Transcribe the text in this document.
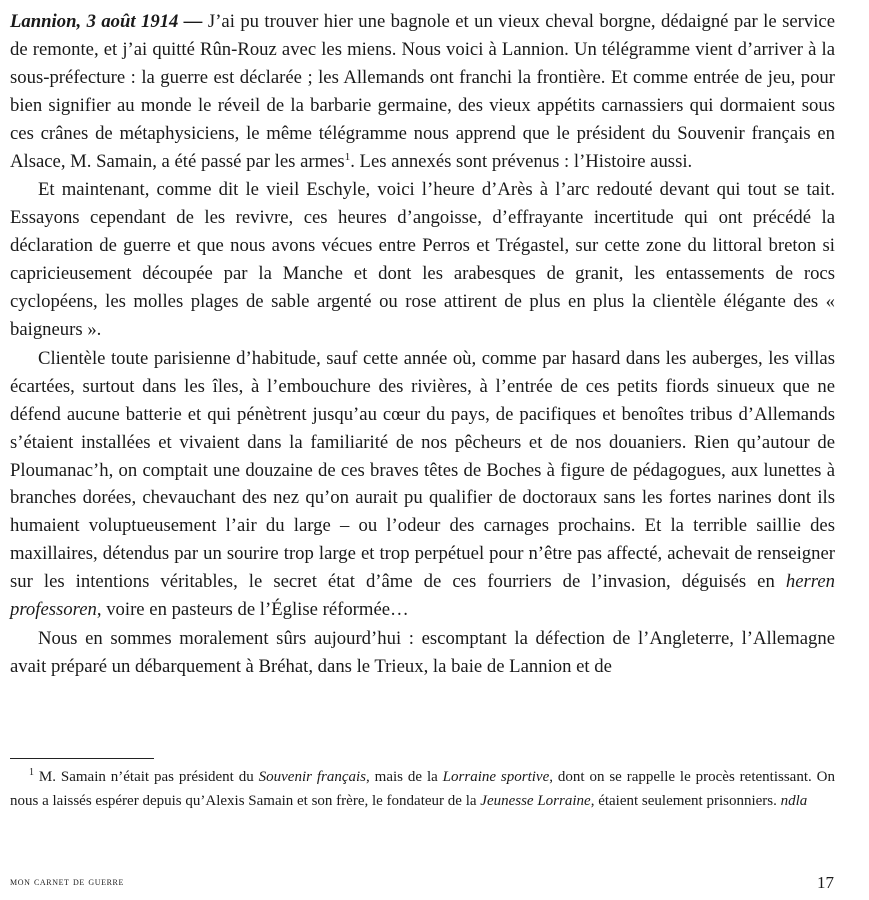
Lannion, 3 août 1914 — J’ai pu trouver hier une bagnole et un vieux cheval borgne, dédaigné par le service de remonte, et j’ai quitté Rûn-Rouz avec les miens. Nous voici à Lannion. Un télégramme vient d’arriver à la sous-préfecture : la guerre est déclarée ; les Allemands ont franchi la frontière. Et comme entrée de jeu, pour bien signifier au monde le réveil de la barbarie germaine, des vieux appétits carnassiers qui dormaient sous ces crânes de métaphysiciens, le même télégramme nous apprend que le président du Souvenir français en Alsace, M. Samain, a été passé par les armes$^1$. Les annexés sont prévenus : l’Histoire aussi.

Et maintenant, comme dit le vieil Eschyle, voici l’heure d’Arès à l’arc redouté devant qui tout se tait. Essayons cependant de les revivre, ces heures d’angoisse, d’effrayante incertitude qui ont précédé la déclaration de guerre et que nous avons vécues entre Perros et Trégastel, sur cette zone du littoral breton si capricieusement découpée par la Manche et dont les arabesques de granit, les entassements de rocs cyclopéens, les molles plages de sable argenté ou rose attirent de plus en plus la clientèle élégante des « baigneurs ».

Clientèle toute parisienne d’habitude, sauf cette année où, comme par hasard dans les auberges, les villas écartées, surtout dans les îles, à l’embouchure des rivières, à l’entrée de ces petits fiords sinueux que ne défend aucune batterie et qui pénètrent jusqu’au cœur du pays, de pacifiques et benoîtes tribus d’Allemands s’étaient installées et vivaient dans la familiarité de nos pêcheurs et de nos douaniers. Rien qu’autour de Ploumanac’h, on comptait une douzaine de ces braves têtes de Boches à figure de pédagogues, aux lunettes à branches dorées, chevauchant des nez qu’on aurait pu qualifier de doctoraux sans les fortes narines dont ils humaient voluptueusement l’air du large – ou l’odeur des carnages prochains. Et la terrible saillie des maxillaires, détendus par un sourire trop large et trop perpétuel pour n’être pas affecté, achevait de renseigner sur les intentions véritables, le secret état d’âme de ces fourriers de l’invasion, déguisés en herren professoren, voire en pasteurs de l’Église réformée…

Nous en sommes moralement sûrs aujourd’hui : escomptant la défection de l’Angleterre, l’Allemagne avait préparé un débarquement à Bréhat, dans le Trieux, la baie de Lannion et de

$^1$ M. Samain n’était pas président du Souvenir français, mais de la Lorraine sportive, dont on se rappelle le procès retentissant. On nous a laissés espérer depuis qu’Alexis Samain et son frère, le fondateur de la Jeunesse Lorraine, étaient seulement prisonniers. ndla

mon carnet de guerre	17
